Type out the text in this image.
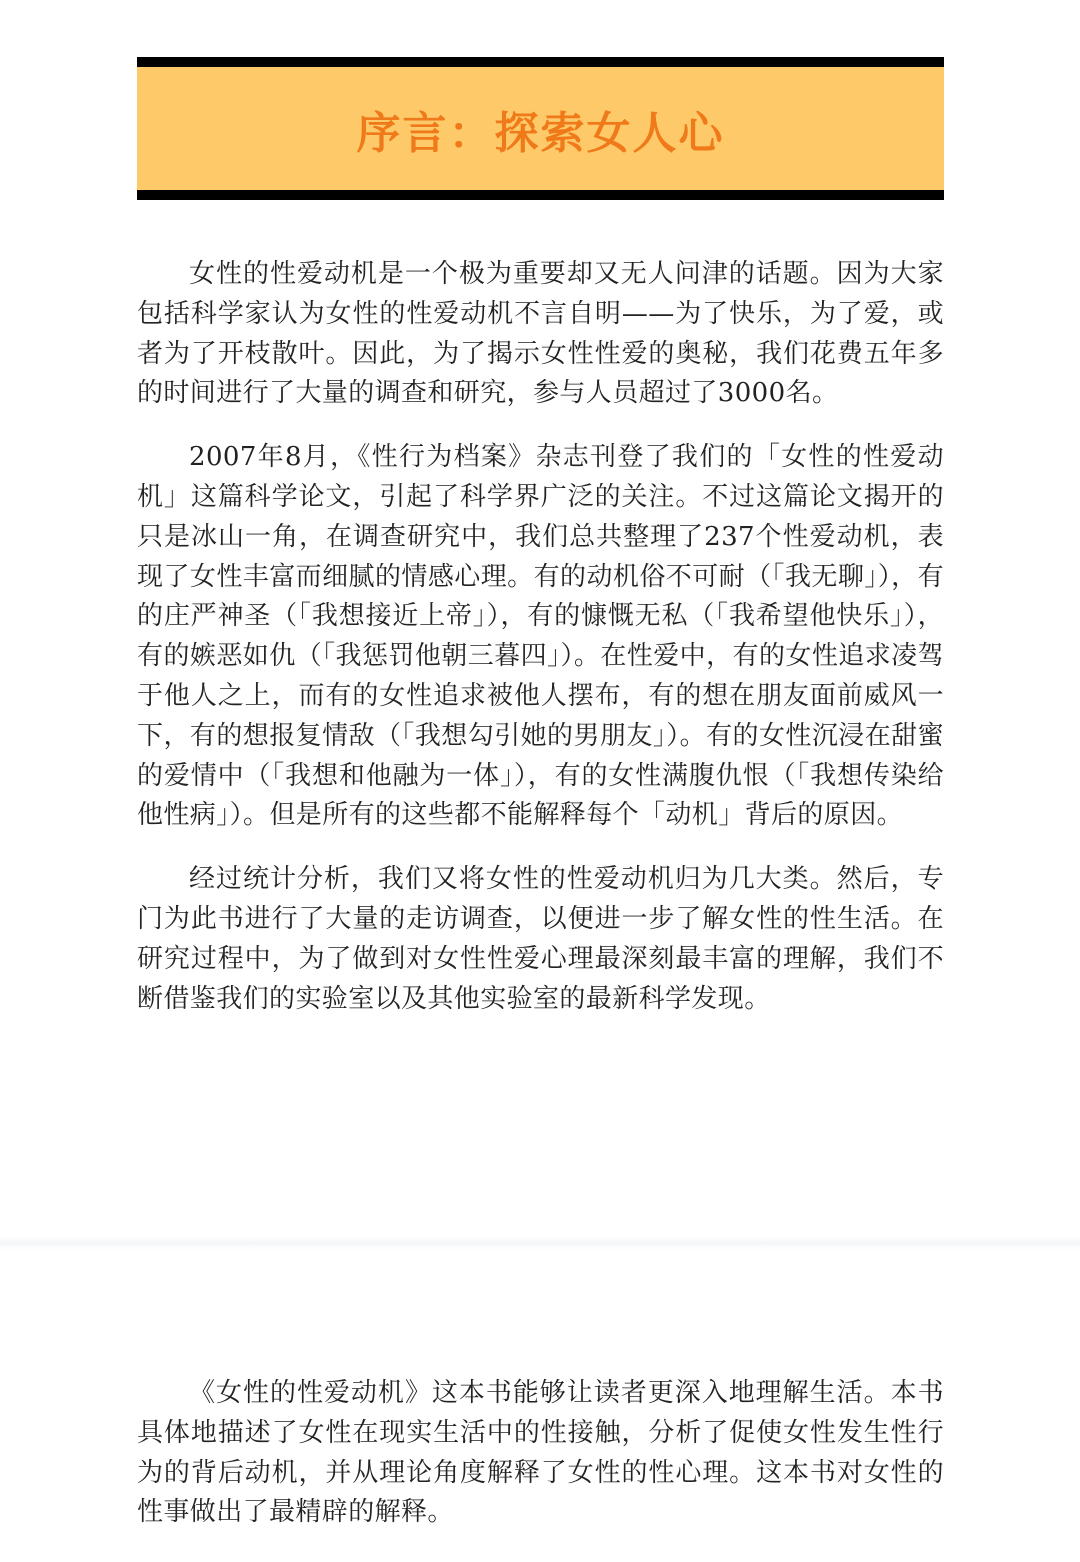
序言：探索女人心

女性的性爱动机是一个极为重要却又无人问津的话题。因为大家包括科学家认为女性的性爱动机不言自明——为了快乐，为了爱，或者为了开枝散叶。因此，为了揭示女性性爱的奥秘，我们花费五年多的时间进行了大量的调查和研究，参与人员超过了3000名。

2007年8月，《性行为档案》杂志刊登了我们的「女性的性爱动机」这篇科学论文，引起了科学界广泛的关注。不过这篇论文揭开的只是冰山一角，在调查研究中，我们总共整理了237个性爱动机，表现了女性丰富而细腻的情感心理。有的动机俗不可耐（「我无聊」），有的庄严神圣（「我想接近上帝」），有的慷慨无私（「我希望他快乐」），有的嫉恶如仇（「我惩罚他朝三暮四」）。在性爱中，有的女性追求凌驾于他人之上，而有的女性追求被他人摆布，有的想在朋友面前威风一下，有的想报复情敌（「我想勾引她的男朋友」）。有的女性沉浸在甜蜜的爱情中（「我想和他融为一体」），有的女性满腹仇恨（「我想传染给他性病」）。但是所有的这些都不能解释每个「动机」背后的原因。

经过统计分析，我们又将女性的性爱动机归为几大类。然后，专门为此书进行了大量的走访调查，以便进一步了解女性的性生活。在研究过程中，为了做到对女性性爱心理最深刻最丰富的理解，我们不断借鉴我们的实验室以及其他实验室的最新科学发现。

《女性的性爱动机》这本书能够让读者更深入地理解生活。本书具体地描述了女性在现实生活中的性接触，分析了促使女性发生性行为的背后动机，并从理论角度解释了女性的性心理。这本书对女性的性事做出了最精辟的解释。
